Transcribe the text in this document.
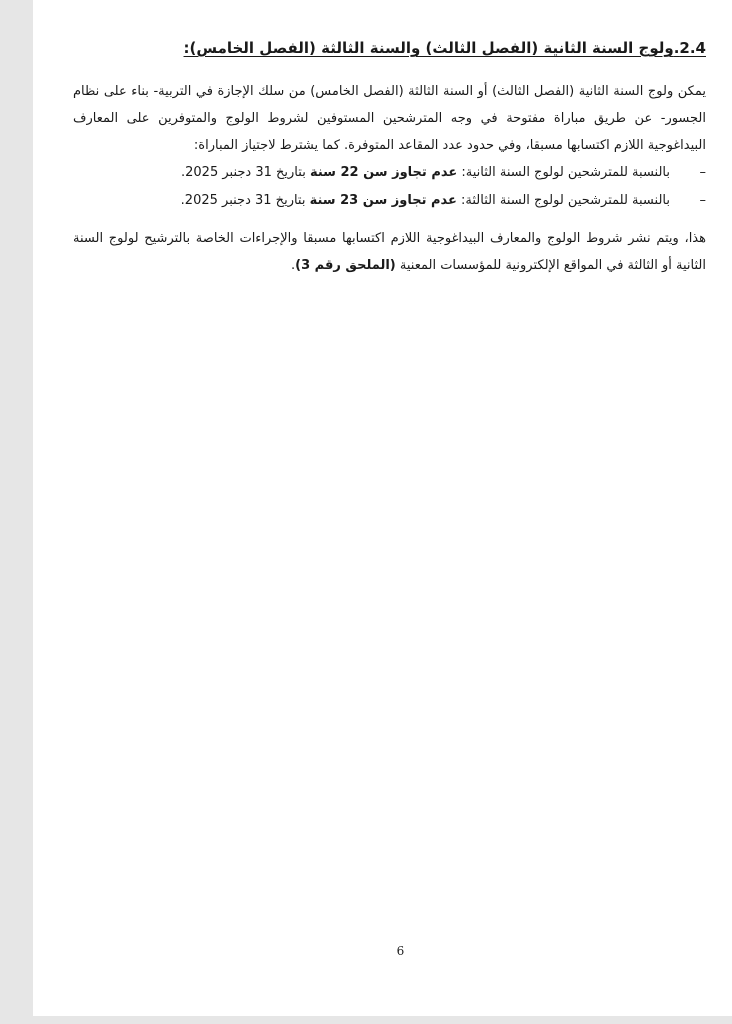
2.4.ولوج السنة الثانية (الفصل الثالث) والسنة الثالثة (الفصل الخامس):

يمكن ولوج السنة الثانية (الفصل الثالث) أو السنة الثالثة (الفصل الخامس) من سلك الإجازة في التربية- بناء على نظام الجسور- عن طريق مباراة مفتوحة في وجه المترشحين المستوفين لشروط الولوج والمتوفرين على المعارف البيداغوجية اللازم اكتسابها مسبقا، وفي حدود عدد المقاعد المتوفرة. كما يشترط لاجتياز المباراة:

–
بالنسبة للمترشحين لولوج السنة الثانية: عدم تجاوز سن 22 سنة بتاريخ 31 دجنبر 2025.
–
بالنسبة للمترشحين لولوج السنة الثالثة: عدم تجاوز سن 23 سنة بتاريخ 31 دجنبر 2025.

هذا، ويتم نشر شروط الولوج والمعارف البيداغوجية اللازم اكتسابها مسبقا والإجراءات الخاصة بالترشيح لولوج السنة الثانية أو الثالثة في المواقع الإلكترونية للمؤسسات المعنية (الملحق رقم 3).

6
